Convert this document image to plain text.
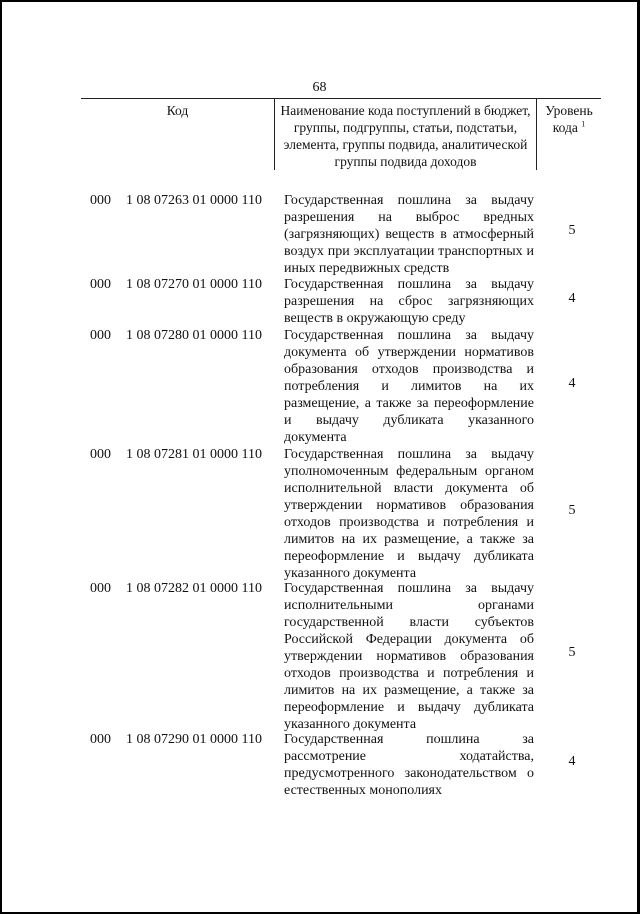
68
Код	Наименование кода поступлений в бюджет, группы, подгруппы, статьи, подстатьи, элемента, группы подвида, аналитической группы подвида доходов
Уровень
кода $^1$
000 1 08 07263 01 0000 110 Государственная пошлина за выдачу разрешения на выброс вредных (загрязняющих) веществ в атмосферный воздух при эксплуатации транспортных и иных передвижных средств
5
000 1 08 07270 01 0000 110 Государственная пошлина за выдачу разрешения на сброс загрязняющих веществ в окружающую среду
4
000 1 08 07280 01 0000 110 Государственная пошлина за выдачу документа об утверждении нормативов образования отходов производства и потребления и лимитов на их размещение, а также за переоформление и выдачу дубликата указанного документа
4
000 1 08 07281 01 0000 110 Государственная пошлина за выдачу уполномоченным федеральным органом исполнительной власти документа об утверждении нормативов образования отходов производства и потребления и лимитов на их размещение, а также за переоформление и выдачу дубликата указанного документа
5
000 1 08 07282 01 0000 110 Государственная пошлина за выдачу исполнительными органами государственной власти субъектов Российской Федерации документа об утверждении нормативов образования отходов производства и потребления и лимитов на их размещение, а также за переоформление и выдачу дубликата указанного документа
5
000 1 08 07290 01 0000 110 Государственная пошлина за рассмотрение ходатайства, предусмотренного законодательством о естественных монополиях
4
